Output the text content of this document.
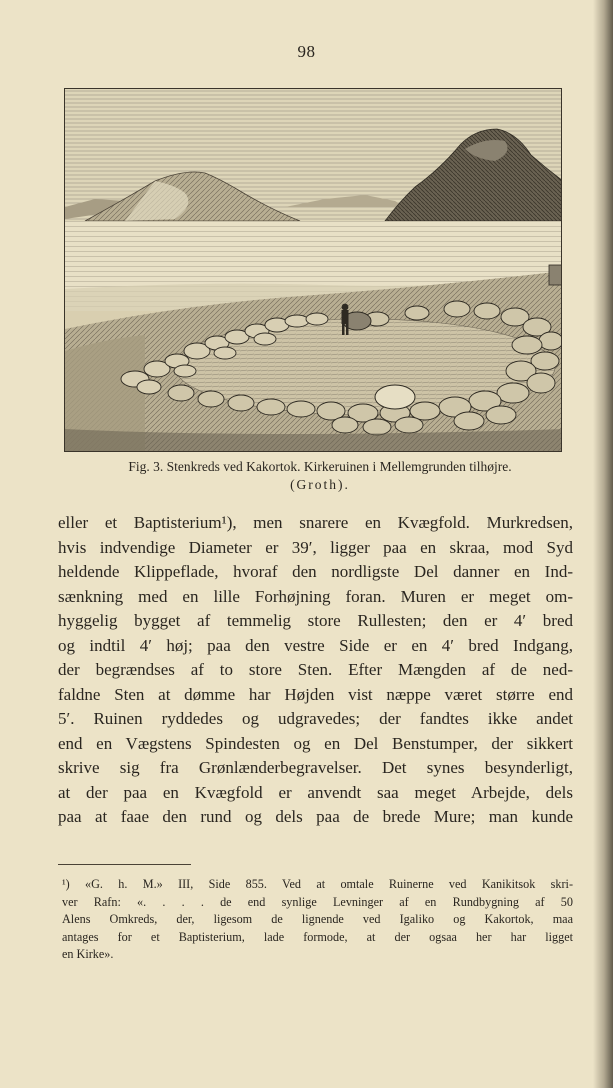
98
Fig. 3. Stenkreds ved Kakortok. Kirkeruinen i Mellemgrunden tilhøjre.
(Groth).
eller et Baptisterium¹), men snarere en Kvægfold. Murkredsen,
hvis indvendige Diameter er 39′, ligger paa en skraa, mod Syd
heldende Klippeflade, hvoraf den nordligste Del danner en Ind-
sænkning med en lille Forhøjning foran. Muren er meget om-
hyggelig bygget af temmelig store Rullesten; den er 4′ bred
og indtil 4′ høj; paa den vestre Side er en 4′ bred Indgang,
der begrændses af to store Sten. Efter Mængden af de ned-
faldne Sten at dømme har Højden vist næppe været større end
5′. Ruinen ryddedes og udgravedes; der fandtes ikke andet
end en Vægstens Spindesten og en Del Benstumper, der sikkert
skrive sig fra Grønlænderbegravelser. Det synes besynderligt,
at der paa en Kvægfold er anvendt saa meget Arbejde, dels
paa at faae den rund og dels paa de brede Mure; man kunde
¹) «G. h. M.» III, Side 855. Ved at omtale Ruinerne ved Kanikitsok skri-
ver Rafn: «. . . . de end synlige Levninger af en Rundbygning af 50
Alens Omkreds, der, ligesom de lignende ved Igaliko og Kakortok, maa
antages for et Baptisterium, lade formode, at der ogsaa her har ligget
en Kirke».
